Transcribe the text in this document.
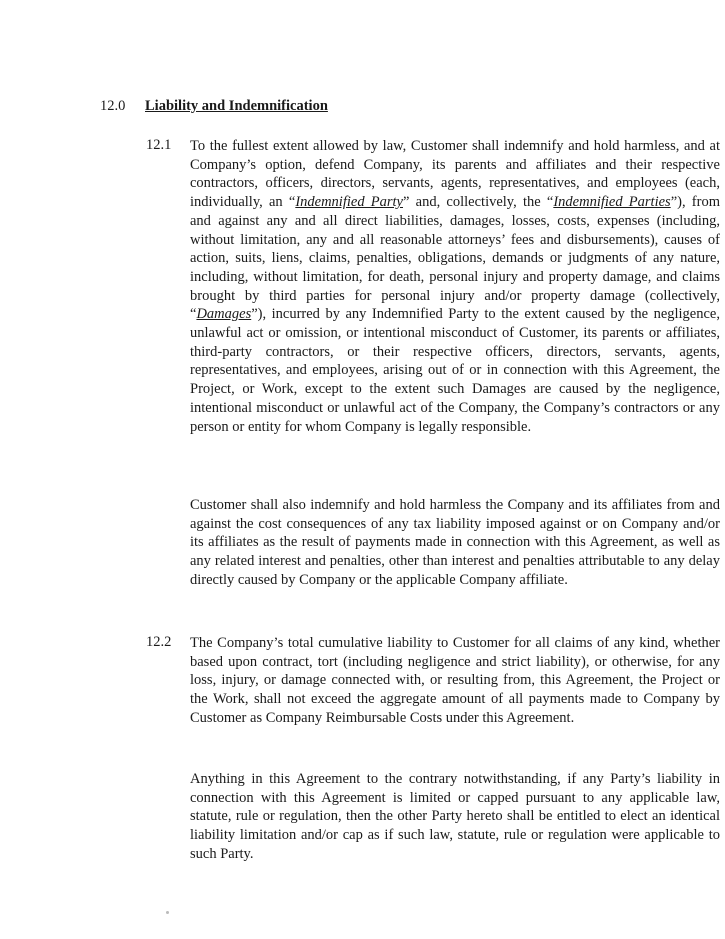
12.0 Liability and Indemnification
12.1 To the fullest extent allowed by law, Customer shall indemnify and hold harmless, and at Company’s option, defend Company, its parents and affiliates and their respective contractors, officers, directors, servants, agents, representatives, and employees (each, individually, an “Indemnified Party” and, collectively, the “Indemnified Parties”), from and against any and all direct liabilities, damages, losses, costs, expenses (including, without limitation, any and all reasonable attorneys’ fees and disbursements), causes of action, suits, liens, claims, penalties, obligations, demands or judgments of any nature, including, without limitation, for death, personal injury and property damage, and claims brought by third parties for personal injury and/or property damage (collectively, “Damages”), incurred by any Indemnified Party to the extent caused by the negligence, unlawful act or omission, or intentional misconduct of Customer, its parents or affiliates, third-party contractors, or their respective officers, directors, servants, agents, representatives, and employees, arising out of or in connection with this Agreement, the Project, or Work, except to the extent such Damages are caused by the negligence, intentional misconduct or unlawful act of the Company, the Company’s contractors or any person or entity for whom Company is legally responsible.

Customer shall also indemnify and hold harmless the Company and its affiliates from and against the cost consequences of any tax liability imposed against or on Company and/or its affiliates as the result of payments made in connection with this Agreement, as well as any related interest and penalties, other than interest and penalties attributable to any delay directly caused by Company or the applicable Company affiliate.

12.2 The Company’s total cumulative liability to Customer for all claims of any kind, whether based upon contract, tort (including negligence and strict liability), or otherwise, for any loss, injury, or damage connected with, or resulting from, this Agreement, the Project or the Work, shall not exceed the aggregate amount of all payments made to Company by Customer as Company Reimbursable Costs under this Agreement.

Anything in this Agreement to the contrary notwithstanding, if any Party’s liability in connection with this Agreement is limited or capped pursuant to any applicable law, statute, rule or regulation, then the other Party hereto shall be entitled to elect an identical liability limitation and/or cap as if such law, statute, rule or regulation were applicable to such Party.
